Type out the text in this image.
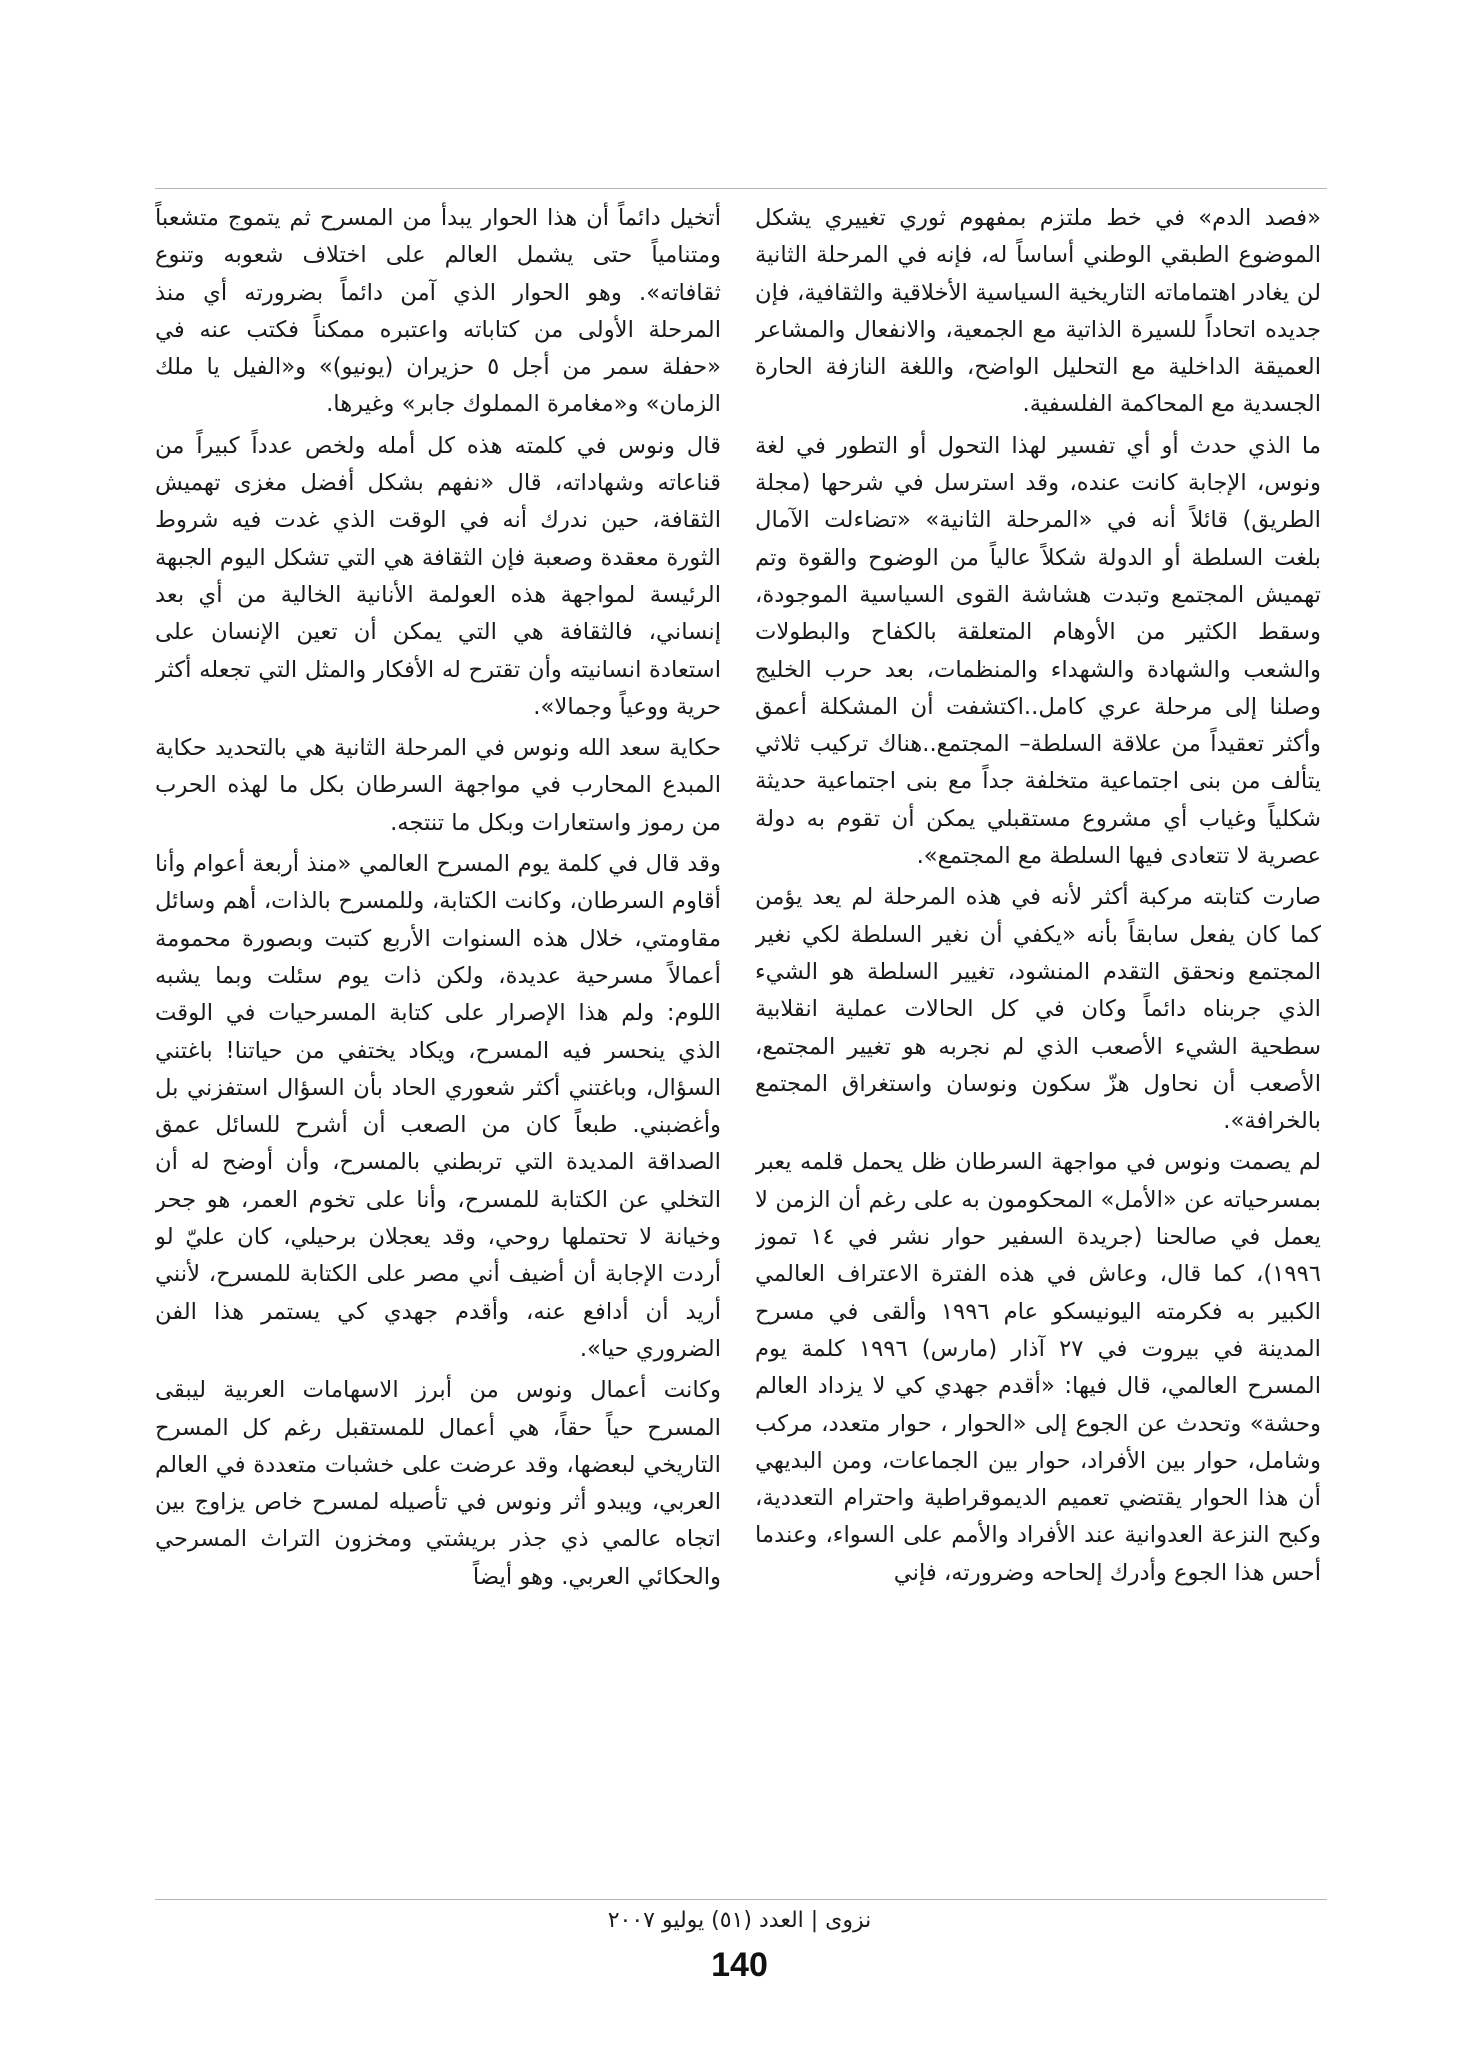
«فصد الدم» في خط ملتزم بمفهوم ثوري تغييري يشكل الموضوع الطبقي الوطني أساساً له، فإنه في المرحلة الثانية لن يغادر اهتماماته التاريخية السياسية الأخلاقية والثقافية، فإن جديده اتحاداً للسيرة الذاتية مع الجمعية، والانفعال والمشاعر العميقة الداخلية مع التحليل الواضح، واللغة النازفة الحارة الجسدية مع المحاكمة الفلسفية.

ما الذي حدث أو أي تفسير لهذا التحول أو التطور في لغة ونوس، الإجابة كانت عنده، وقد استرسل في شرحها (مجلة الطريق) قائلاً أنه في «المرحلة الثانية» «تضاءلت الآمال بلغت السلطة أو الدولة شكلاً عالياً من الوضوح والقوة وتم تهميش المجتمع وتبدت هشاشة القوى السياسية الموجودة، وسقط الكثير من الأوهام المتعلقة بالكفاح والبطولات والشعب والشهادة والشهداء والمنظمات، بعد حرب الخليج وصلنا إلى مرحلة عري كامل..اكتشفت أن المشكلة أعمق وأكثر تعقيداً من علاقة السلطة– المجتمع..هناك تركيب ثلاثي يتألف من بنى اجتماعية متخلفة جداً مع بنى اجتماعية حديثة شكلياً وغياب أي مشروع مستقبلي يمكن أن تقوم به دولة عصرية لا تتعادى فيها السلطة مع المجتمع».

صارت كتابته مركبة أكثر لأنه في هذه المرحلة لم يعد يؤمن كما كان يفعل سابقاً بأنه «يكفي أن نغير السلطة لكي نغير المجتمع ونحقق التقدم المنشود، تغيير السلطة هو الشيء الذي جربناه دائماً وكان في كل الحالات عملية انقلابية سطحية الشيء الأصعب الذي لم نجربه هو تغيير المجتمع، الأصعب أن نحاول هزّ سكون ونوسان واستغراق المجتمع بالخرافة».

لم يصمت ونوس في مواجهة السرطان ظل يحمل قلمه يعبر بمسرحياته عن «الأمل» المحكومون به على رغم أن الزمن لا يعمل في صالحنا (جريدة السفير حوار نشر في ١٤ تموز ١٩٩٦)، كما قال، وعاش في هذه الفترة الاعتراف العالمي الكبير به فكرمته اليونيسكو عام ١٩٩٦ وألقى في مسرح المدينة في بيروت في ٢٧ آذار (مارس) ١٩٩٦ كلمة يوم المسرح العالمي، قال فيها: «أقدم جهدي كي لا يزداد العالم وحشة» وتحدث عن الجوع إلى «الحوار ، حوار متعدد، مركب وشامل، حوار بين الأفراد، حوار بين الجماعات، ومن البديهي أن هذا الحوار يقتضي تعميم الديموقراطية واحترام التعددية، وكبح النزعة العدوانية عند الأفراد والأمم على السواء، وعندما أحس هذا الجوع وأدرك إلحاحه وضرورته، فإني

أتخيل دائماً أن هذا الحوار يبدأ من المسرح ثم يتموج متشعباً ومتنامياً حتى يشمل العالم على اختلاف شعوبه وتنوع ثقافاته». وهو الحوار الذي آمن دائماً بضرورته أي منذ المرحلة الأولى من كتاباته واعتبره ممكناً فكتب عنه في «حفلة سمر من أجل ٥ حزيران (يونيو)» و«الفيل يا ملك الزمان» و«مغامرة المملوك جابر» وغيرها.

قال ونوس في كلمته هذه كل أمله ولخص عدداً كبيراً من قناعاته وشهاداته، قال «نفهم بشكل أفضل مغزى تهميش الثقافة، حين ندرك أنه في الوقت الذي غدت فيه شروط الثورة معقدة وصعبة فإن الثقافة هي التي تشكل اليوم الجبهة الرئيسة لمواجهة هذه العولمة الأنانية الخالية من أي بعد إنساني، فالثقافة هي التي يمكن أن تعين الإنسان على استعادة انسانيته وأن تقترح له الأفكار والمثل التي تجعله أكثر حرية ووعياً وجمالا».

حكاية سعد الله ونوس في المرحلة الثانية هي بالتحديد حكاية المبدع المحارب في مواجهة السرطان بكل ما لهذه الحرب من رموز واستعارات وبكل ما تنتجه.

وقد قال في كلمة يوم المسرح العالمي «منذ أربعة أعوام وأنا أقاوم السرطان، وكانت الكتابة، وللمسرح بالذات، أهم وسائل مقاومتي، خلال هذه السنوات الأربع كتبت وبصورة محمومة أعمالاً مسرحية عديدة، ولكن ذات يوم سئلت وبما يشبه اللوم: ولم هذا الإصرار على كتابة المسرحيات في الوقت الذي ينحسر فيه المسرح، ويكاد يختفي من حياتنا! باغتني السؤال، وباغتني أكثر شعوري الحاد بأن السؤال استفزني بل وأغضبني. طبعاً كان من الصعب أن أشرح للسائل عمق الصداقة المديدة التي تربطني بالمسرح، وأن أوضح له أن التخلي عن الكتابة للمسرح، وأنا على تخوم العمر، هو جحر وخيانة لا تحتملها روحي، وقد يعجلان برحيلي، كان عليّ لو أردت الإجابة أن أضيف أني مصر على الكتابة للمسرح، لأنني أريد أن أدافع عنه، وأقدم جهدي كي يستمر هذا الفن الضروري حيا».

وكانت أعمال ونوس من أبرز الاسهامات العربية ليبقى المسرح حياً حقاً، هي أعمال للمستقبل رغم كل المسرح التاريخي لبعضها، وقد عرضت على خشبات متعددة في العالم العربي، ويبدو أثر ونوس في تأصيله لمسرح خاص يزاوج بين اتجاه عالمي ذي جذر بريشتي ومخزون التراث المسرحي والحكائي العربي. وهو أيضاً

نزوى | العدد (٥١) يوليو ٢٠٠٧
140
